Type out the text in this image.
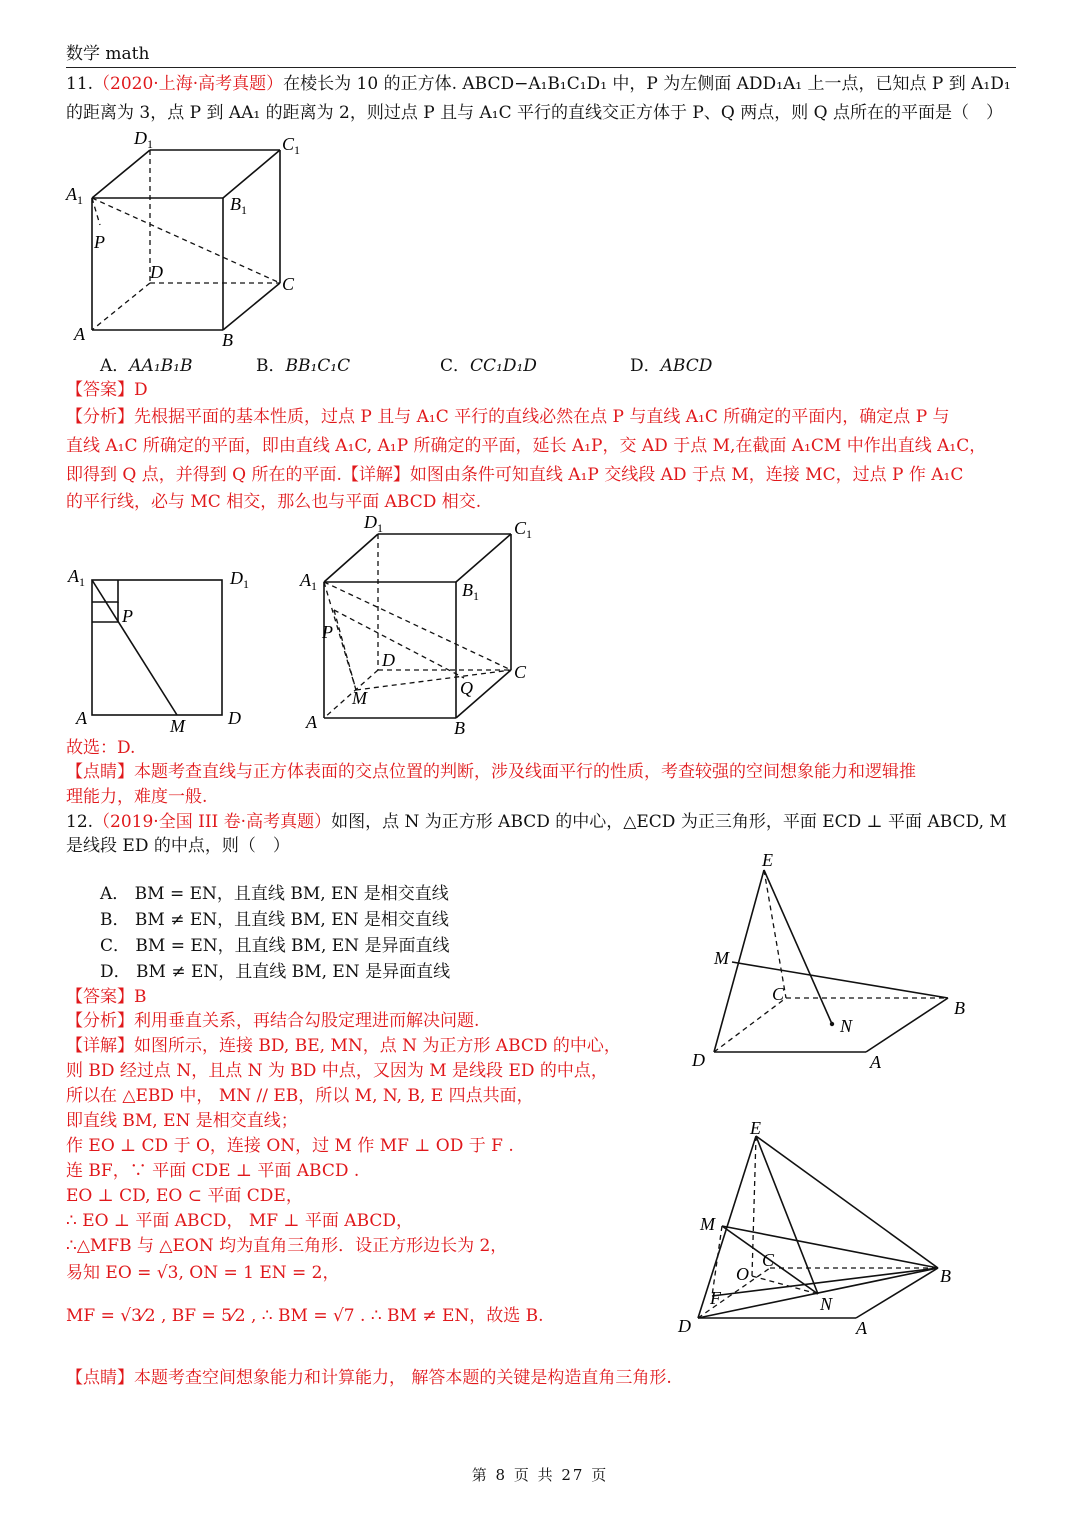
数学 math
11.（2020·上海·高考真题）在棱长为 10 的正方体. ABCD−A₁B₁C₁D₁ 中，P 为左侧面 ADD₁A₁ 上一点，已知点 P 到 A₁D₁
的距离为 3，点 P 到 AA₁ 的距离为 2，则过点 P 且与 A₁C 平行的直线交正方体于 P、Q 两点，则 Q 点所在的平面是（　）
$D_1$	$C_1$
$A_1$	$B_1$
P
D
C
A	B
A．AA₁B₁B	B．BB₁C₁C	C．CC₁D₁D	D．ABCD
【答案】D
【分析】先根据平面的基本性质，过点 P 且与 A₁C 平行的直线必然在点 P 与直线 A₁C 所确定的平面内，确定点 P 与
直线 A₁C 所确定的平面，即由直线 A₁C, A₁P 所确定的平面，延长 A₁P，交 AD 于点 M,在截面 A₁CM 中作出直线 A₁C，
即得到 Q 点，并得到 Q 所在的平面.【详解】如图由条件可知直线 A₁P 交线段 AD 于点 M，连接 MC，过点 P 作 A₁C
的平行线，必与 MC 相交，那么也与平面 ABCD 相交.
$A_1$	$D_1$
P
A	M D
$D_1$	$C_1$
$A_1$	$B_1$
P
D
C
Q
M
A	B
故选：D.
【点睛】本题考查直线与正方体表面的交点位置的判断，涉及线面平行的性质，考查较强的空间想象能力和逻辑推
理能力，难度一般.
12.（2019·全国 III 卷·高考真题）如图，点 N 为正方形 ABCD 的中心，△ECD 为正三角形，平面 ECD ⊥ 平面 ABCD, M
是线段 ED 的中点，则（　）
A． BM = EN，且直线 BM, EN 是相交直线
B． BM ≠ EN，且直线 BM, EN 是相交直线
C． BM = EN，且直线 BM, EN 是异面直线
D． BM ≠ EN，且直线 BM, EN 是异面直线
【答案】B
【分析】利用垂直关系，再结合勾股定理进而解决问题.
【详解】如图所示，连接 BD, BE, MN，点 N 为正方形 ABCD 的中心，
则 BD 经过点 N，且点 N 为 BD 中点，又因为 M 是线段 ED 的中点，
所以在 △EBD 中， MN // EB，所以 M, N, B, E 四点共面，
即直线 BM, EN 是相交直线；
作 EO ⊥ CD 于 O，连接 ON，过 M 作 MF ⊥ OD 于 F .
连 BF，∵ 平面 CDE ⊥ 平面 ABCD .
EO ⊥ CD, EO ⊂ 平面 CDE，
∴ EO ⊥ 平面 ABCD， MF ⊥ 平面 ABCD，
∴△MFB 与 △EON 均为直角三角形．设正方形边长为 2，
易知 EO = √3, ON = 1 EN = 2，
MF = √3⁄2 , BF = 5⁄2 , ∴ BM = √7 . ∴ BM ≠ EN，故选 B.
【点睛】本题考查空间想象能力和计算能力， 解答本题的关键是构造直角三角形.
E
M
C
B
N
D	A
E
M
C
O	B
F	N
D	A
第 8 页 共 27 页
